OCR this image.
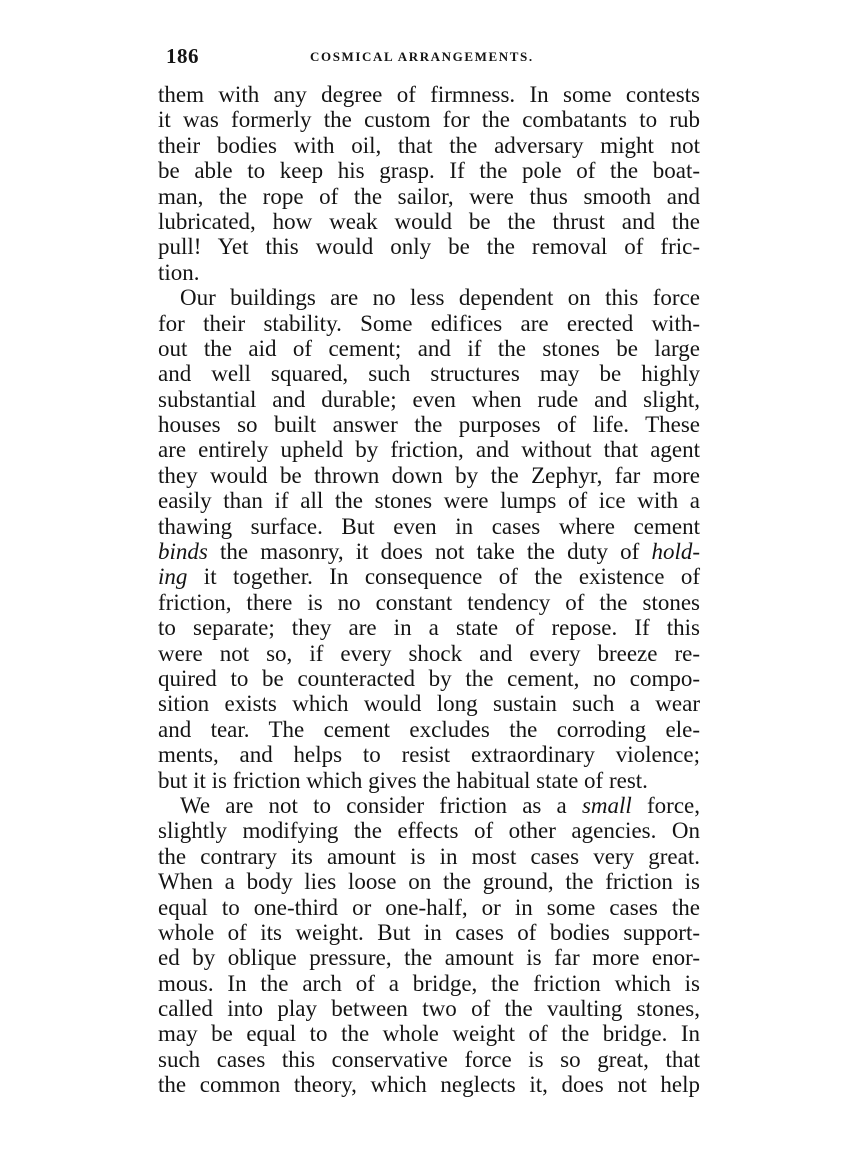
186	COSMICAL ARRANGEMENTS.
them with any degree of firmness. In some contests
it was formerly the custom for the combatants to rub
their bodies with oil, that the adversary might not
be able to keep his grasp. If the pole of the boat-
man, the rope of the sailor, were thus smooth and
lubricated, how weak would be the thrust and the
pull! Yet this would only be the removal of fric-
tion.
Our buildings are no less dependent on this force
for their stability. Some edifices are erected with-
out the aid of cement; and if the stones be large
and well squared, such structures may be highly
substantial and durable; even when rude and slight,
houses so built answer the purposes of life. These
are entirely upheld by friction, and without that agent
they would be thrown down by the Zephyr, far more
easily than if all the stones were lumps of ice with a
thawing surface. But even in cases where cement
binds the masonry, it does not take the duty of hold-
ing it together. In consequence of the existence of
friction, there is no constant tendency of the stones
to separate; they are in a state of repose. If this
were not so, if every shock and every breeze re-
quired to be counteracted by the cement, no compo-
sition exists which would long sustain such a wear
and tear. The cement excludes the corroding ele-
ments, and helps to resist extraordinary violence;
but it is friction which gives the habitual state of rest.
We are not to consider friction as a small force,
slightly modifying the effects of other agencies. On
the contrary its amount is in most cases very great.
When a body lies loose on the ground, the friction is
equal to one-third or one-half, or in some cases the
whole of its weight. But in cases of bodies support-
ed by oblique pressure, the amount is far more enor-
mous. In the arch of a bridge, the friction which is
called into play between two of the vaulting stones,
may be equal to the whole weight of the bridge. In
such cases this conservative force is so great, that
the common theory, which neglects it, does not help
